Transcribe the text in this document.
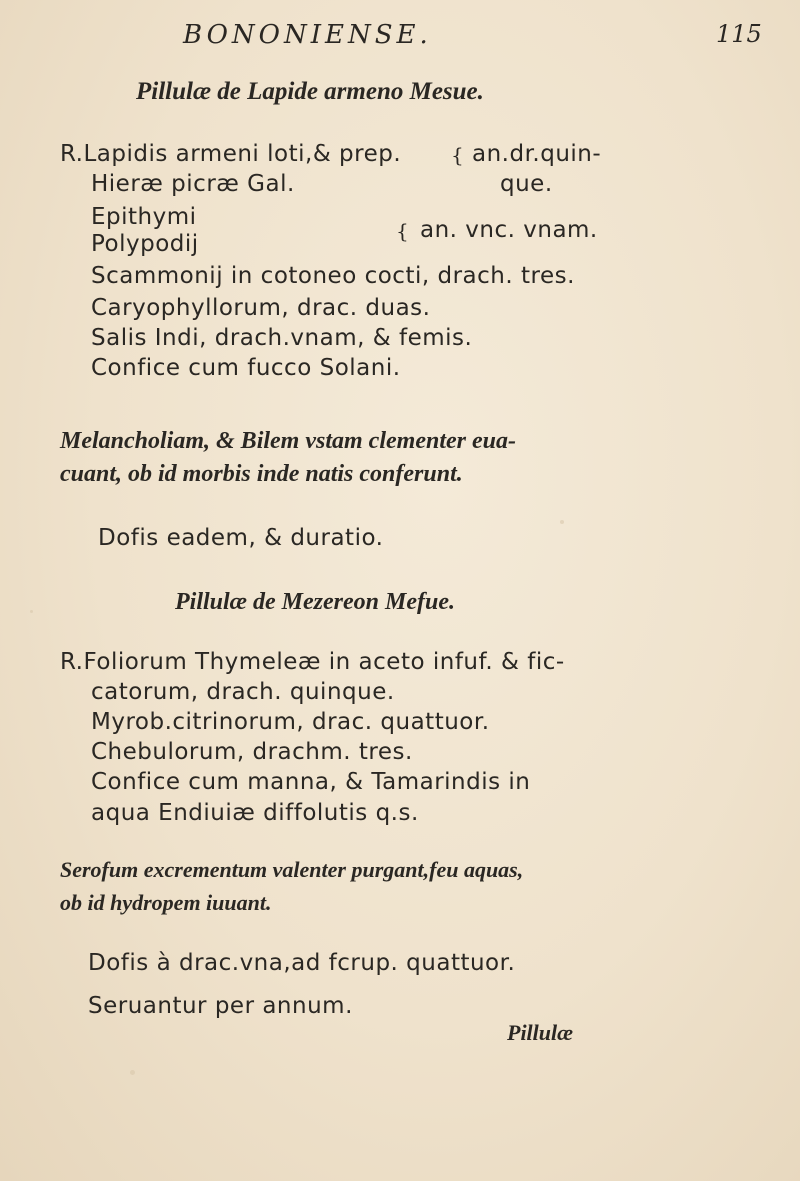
BONONIENSE.	115
Pillulæ de Lapide armeno Mesue.
R.Lapidis armeni loti,& prep.
Hieræ picræ Gal.
{ an.dr.quin-
que.
Epithymi
Polypodij	{ an. vnc. vnam.
Scammonij in cotoneo cocti, drach. tres.
Caryophyllorum, drac. duas.
Salis Indi, drach.vnam, & femis.
Confice cum fucco Solani.
Melancholiam, & Bilem vstam clementer eua-
cuant, ob id morbis inde natis conferunt.
Dofis eadem, & duratio.
Pillulæ de Mezereon Mefue.
R.Foliorum Thymeleæ in aceto infuf. & fic-
catorum, drach. quinque.
Myrob.citrinorum, drac. quattuor.
Chebulorum, drachm. tres.
Confice cum manna, & Tamarindis in
aqua Endiuiæ diffolutis q.s.
Serofum excrementum valenter purgant,feu aquas,
ob id hydropem iuuant.
Dofis à drac.vna,ad fcrup. quattuor.
Seruantur per annum.
Pillulæ
